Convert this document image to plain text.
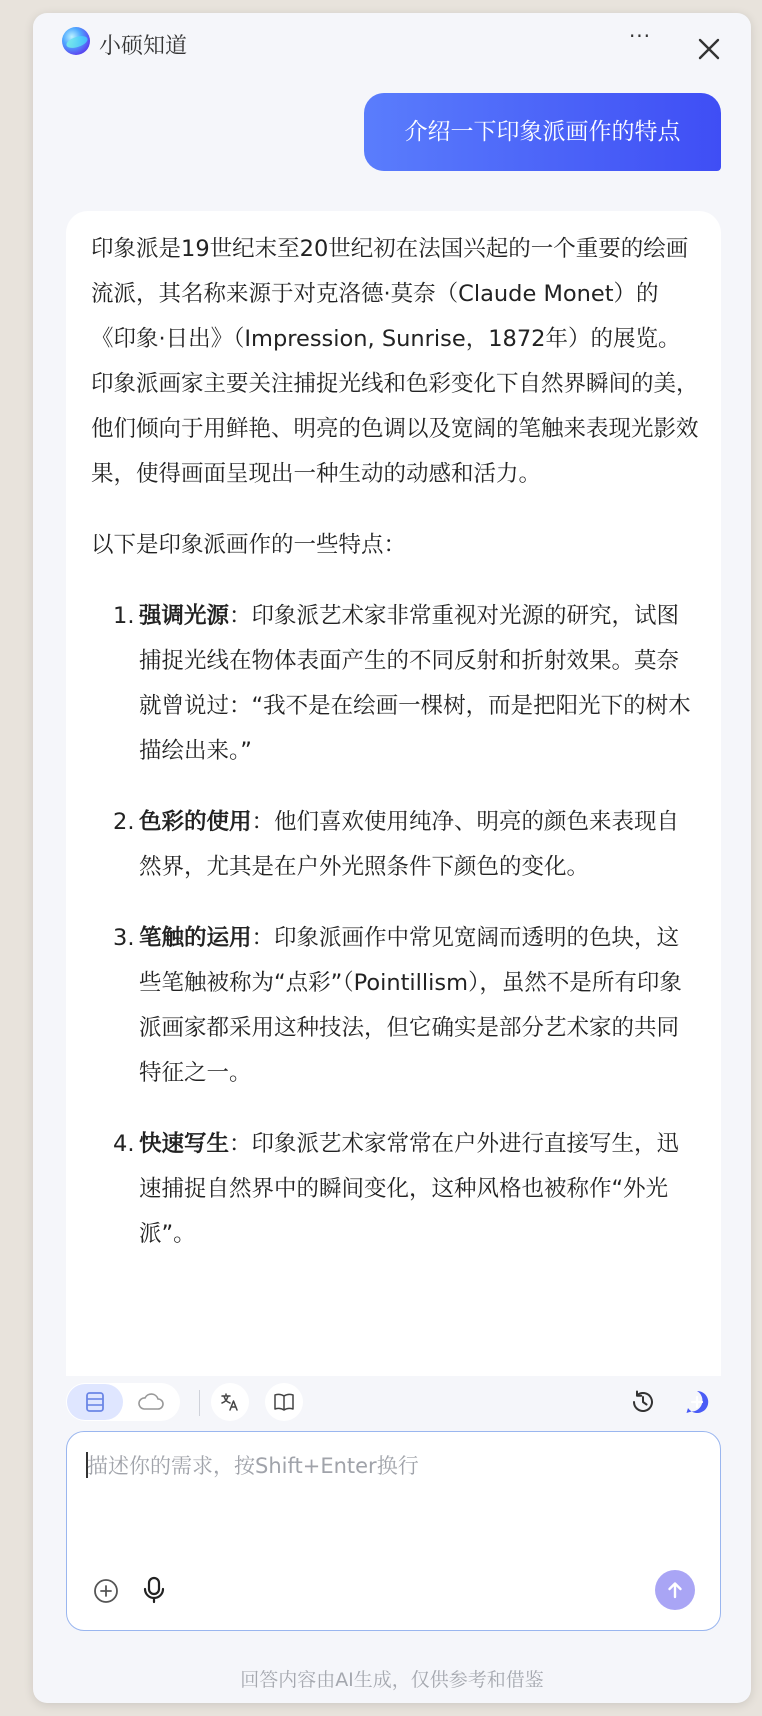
小硕知道	···
介绍一下印象派画作的特点

印象派是19世纪末至20世纪初在法国兴起的一个重要的绘画流派，其名称来源于对克洛德·莫奈（Claude Monet）的《印象·日出》（Impression, Sunrise，1872年）的展览。印象派画家主要关注捕捉光线和色彩变化下自然界瞬间的美，他们倾向于用鲜艳、明亮的色调以及宽阔的笔触来表现光影效果，使得画面呈现出一种生动的动感和活力。

以下是印象派画作的一些特点：

1. 强调光源：印象派艺术家非常重视对光源的研究，试图捕捉光线在物体表面产生的不同反射和折射效果。莫奈就曾说过：“我不是在绘画一棵树，而是把阳光下的树木描绘出来。”
2. 色彩的使用：他们喜欢使用纯净、明亮的颜色来表现自然界，尤其是在户外光照条件下颜色的变化。
3. 笔触的运用：印象派画作中常见宽阔而透明的色块，这些笔触被称为“点彩”（Pointillism），虽然不是所有印象派画家都采用这种技法，但它确实是部分艺术家的共同特征之一。
4. 快速写生：印象派艺术家常常在户外进行直接写生，迅速捕捉自然界中的瞬间变化，这种风格也被称作“外光派”。
描述你的需求，按Shift+Enter换行
回答内容由AI生成，仅供参考和借鉴
